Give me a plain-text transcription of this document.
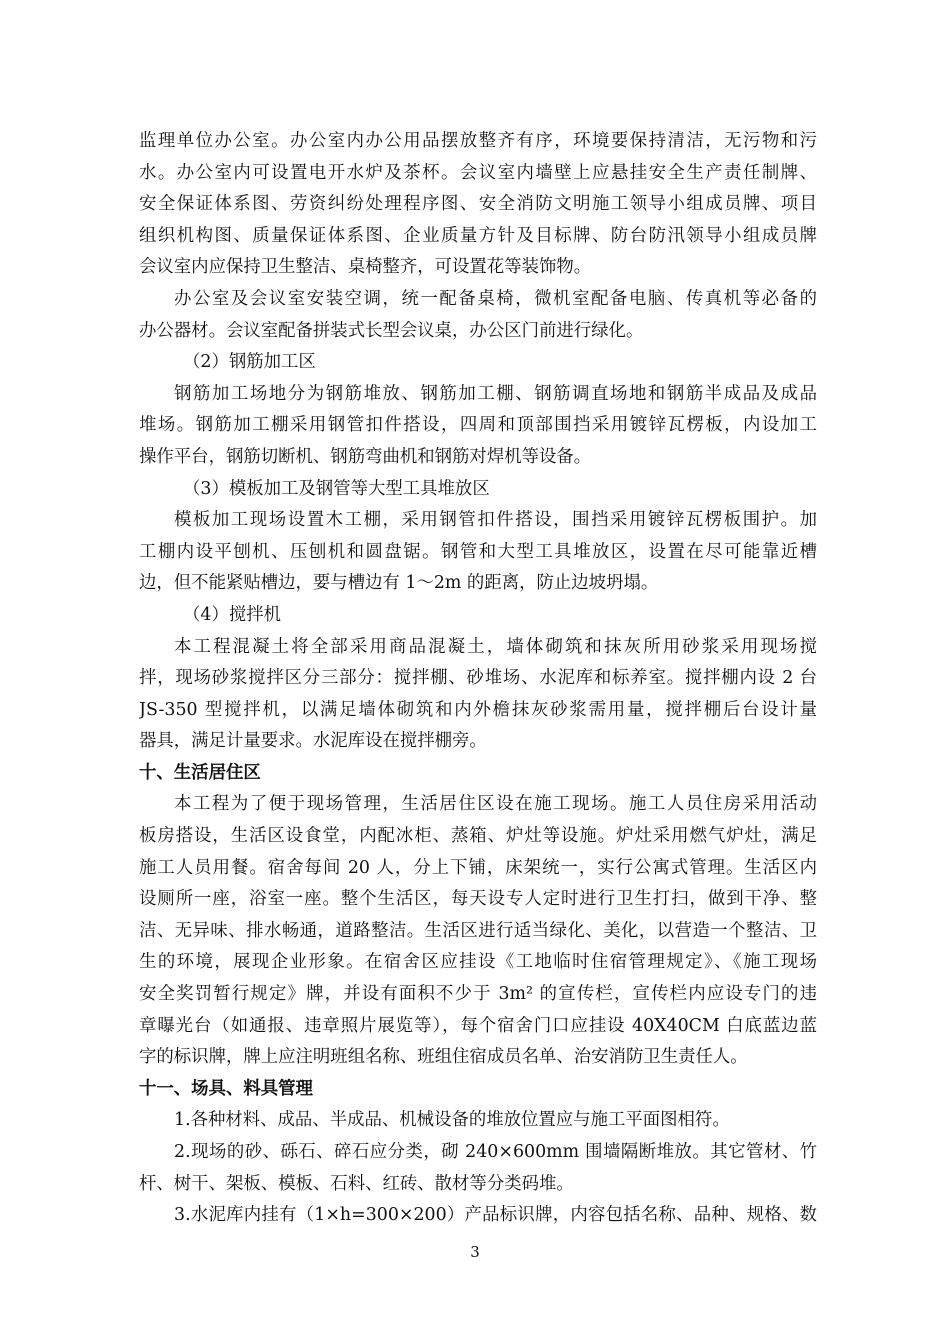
监理单位办公室。办公室内办公用品摆放整齐有序，环境要保持清洁，无污物和污
水。办公室内可设置电开水炉及茶杯。会议室内墙壁上应悬挂安全生产责任制牌、
安全保证体系图、劳资纠纷处理程序图、安全消防文明施工领导小组成员牌、项目
组织机构图、质量保证体系图、企业质量方针及目标牌、防台防汛领导小组成员牌
会议室内应保持卫生整洁、桌椅整齐，可设置花等装饰物。
办公室及会议室安装空调，统一配备桌椅，微机室配备电脑、传真机等必备的
办公器材。会议室配备拼装式长型会议桌，办公区门前进行绿化。
（2）钢筋加工区
钢筋加工场地分为钢筋堆放、钢筋加工棚、钢筋调直场地和钢筋半成品及成品
堆场。钢筋加工棚采用钢管扣件搭设，四周和顶部围挡采用镀锌瓦楞板，内设加工
操作平台，钢筋切断机、钢筋弯曲机和钢筋对焊机等设备。
（3）模板加工及钢管等大型工具堆放区
模板加工现场设置木工棚，采用钢管扣件搭设，围挡采用镀锌瓦楞板围护。加
工棚内设平刨机、压刨机和圆盘锯。钢管和大型工具堆放区，设置在尽可能靠近槽
边，但不能紧贴槽边，要与槽边有 1～2m 的距离，防止边坡坍塌。
（4）搅拌机
本工程混凝土将全部采用商品混凝土，墙体砌筑和抹灰所用砂浆采用现场搅
拌，现场砂浆搅拌区分三部分：搅拌棚、砂堆场、水泥库和标养室。搅拌棚内设 2 台
JS-350 型搅拌机，以满足墙体砌筑和内外檐抹灰砂浆需用量，搅拌棚后台设计量
器具，满足计量要求。水泥库设在搅拌棚旁。
十、生活居住区
本工程为了便于现场管理，生活居住区设在施工现场。施工人员住房采用活动
板房搭设，生活区设食堂，内配冰柜、蒸箱、炉灶等设施。炉灶采用燃气炉灶，满足
施工人员用餐。宿舍每间 20 人，分上下铺，床架统一，实行公寓式管理。生活区内
设厕所一座，浴室一座。整个生活区，每天设专人定时进行卫生打扫，做到干净、整
洁、无异味、排水畅通，道路整洁。生活区进行适当绿化、美化，以营造一个整洁、卫
生的环境，展现企业形象。在宿舍区应挂设《工地临时住宿管理规定》、《施工现场
安全奖罚暂行规定》牌，并设有面积不少于 3m² 的宣传栏，宣传栏内应设专门的违
章曝光台（如通报、违章照片展览等），每个宿舍门口应挂设 40X40CM 白底蓝边蓝
字的标识牌，牌上应注明班组名称、班组住宿成员名单、治安消防卫生责任人。
十一、场具、料具管理
1.各种材料、成品、半成品、机械设备的堆放位置应与施工平面图相符。
2.现场的砂、砾石、碎石应分类，砌 240×600mm 围墙隔断堆放。其它管材、竹
杆、树干、架板、模板、石料、红砖、散材等分类码堆。
3.水泥库内挂有（1×h=300×200）产品标识牌，内容包括名称、品种、规格、数
3
